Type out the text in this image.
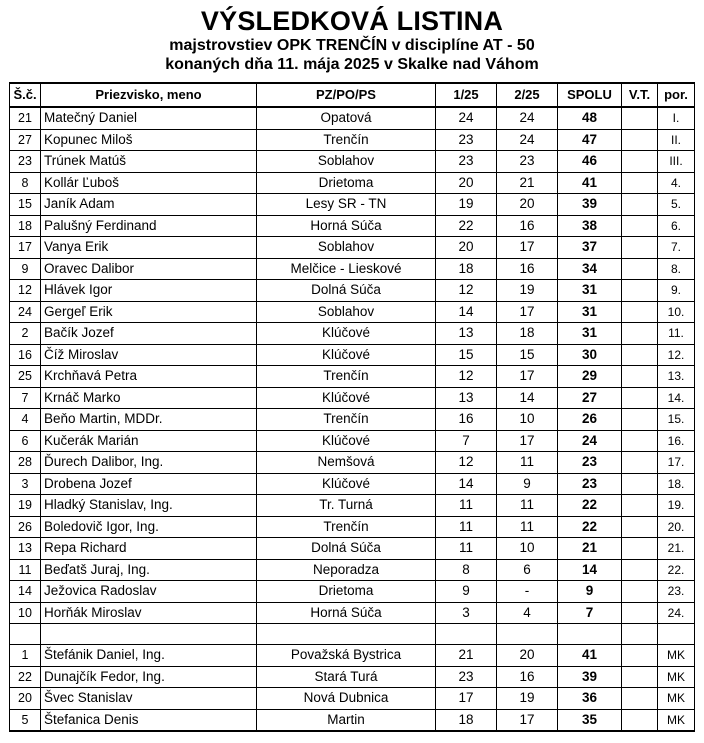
VÝSLEDKOVÁ LISTINA
majstrovstiev OPK TRENČÍN v disciplíne AT - 50
konaných dňa 11. mája 2025 v Skalke nad Váhom
Š.č.	Priezvisko, meno	PZ/PO/PS	1/25	2/25	SPOLU	V.T.	por.
21	Matečný Daniel	Opatová	24	24	48		I.
27	Kopunec Miloš	Trenčín	23	24	47		II.
23	Trúnek Matúš	Soblahov	23	23	46		III.
8	Kollár Ľuboš	Drietoma	20	21	41		4.
15	Janík Adam	Lesy SR - TN	19	20	39		5.
18	Palušný Ferdinand	Horná Súča	22	16	38		6.
17	Vanya Erik	Soblahov	20	17	37		7.
9	Oravec Dalibor	Melčice - Lieskové	18	16	34		8.
12	Hlávek Igor	Dolná Súča	12	19	31		9.
24	Gergeľ Erik	Soblahov	14	17	31		10.
2	Bačík Jozef	Klúčové	13	18	31		11.
16	Číž Miroslav	Klúčové	15	15	30		12.
25	Krchňavá Petra	Trenčín	12	17	29		13.
7	Krnáč Marko	Klúčové	13	14	27		14.
4	Beňo Martin, MDDr.	Trenčín	16	10	26		15.
6	Kučerák Marián	Klúčové	7	17	24		16.
28	Ďurech Dalibor, Ing.	Nemšová	12	11	23		17.
3	Drobena Jozef	Klúčové	14	9	23		18.
19	Hladký Stanislav, Ing.	Tr. Turná	11	11	22		19.
26	Boledovič Igor, Ing.	Trenčín	11	11	22		20.
13	Repa Richard	Dolná Súča	11	10	21		21.
11	Beďatš Juraj, Ing.	Neporadza	8	6	14		22.
14	Ježovica Radoslav	Drietoma	9	-	9		23.
10	Horňák Miroslav	Horná Súča	3	4	7		24.

1	Štefánik Daniel, Ing.	Považská Bystrica	21	20	41		MK
22	Dunajčík Fedor, Ing.	Stará Turá	23	16	39		MK
20	Švec Stanislav	Nová Dubnica	17	19	36		MK
5	Štefanica Denis	Martin	18	17	35		MK
